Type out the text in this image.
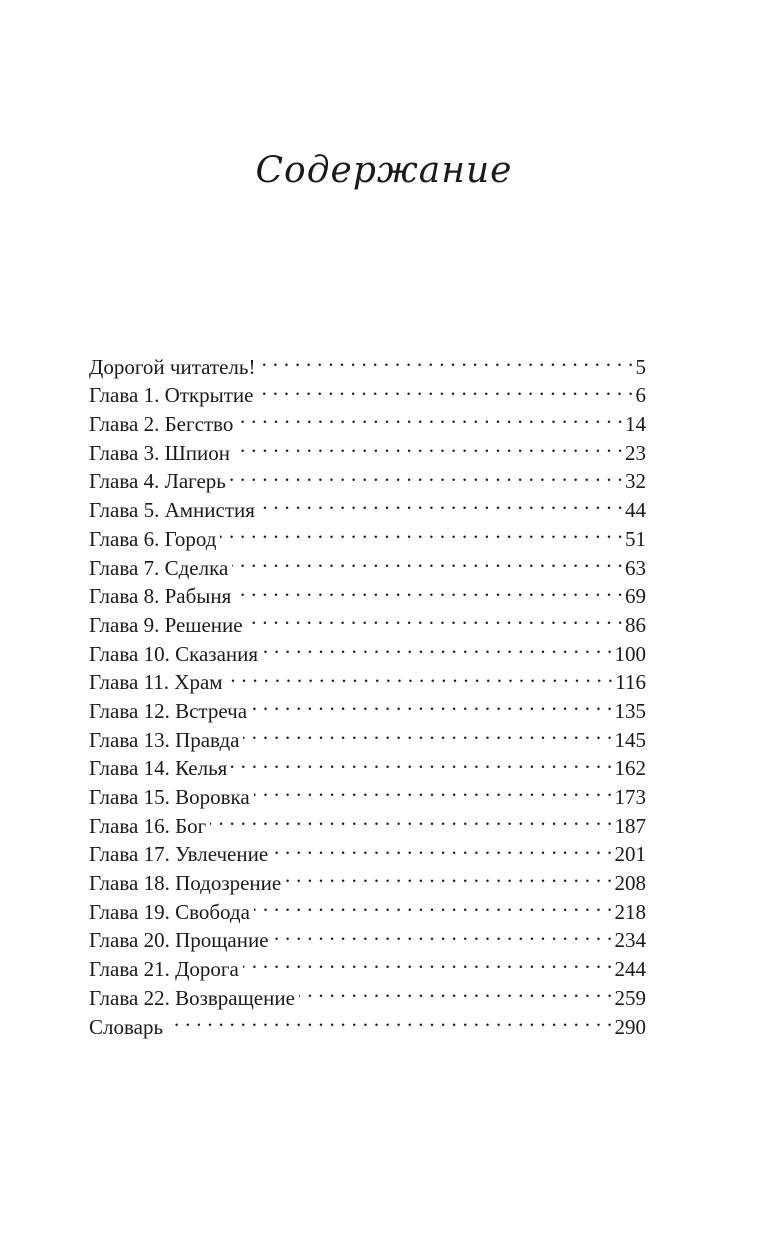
Содержание
Дорогой читатель! . . .	5
Глава 1. Открытие . . .	6
Глава 2. Бегство . . .	14
Глава 3. Шпион . . .	23
Глава 4. Лагерь . . .	32
Глава 5. Амнистия . . .	44
Глава 6. Город . . .	51
Глава 7. Сделка . . .	63
Глава 8. Рабыня . . .	69
Глава 9. Решение . . .	86
Глава 10. Сказания . . .	100
Глава 11. Храм . . .	116
Глава 12. Встреча . . .	135
Глава 13. Правда . . .	145
Глава 14. Келья . . .	162
Глава 15. Воровка . . .	173
Глава 16. Бог . . .	187
Глава 17. Увлечение . . .	201
Глава 18. Подозрение . . .	208
Глава 19. Свобода . . .	218
Глава 20. Прощание . . .	234
Глава 21. Дорога . . .	244
Глава 22. Возвращение . . .	259
Словарь . . .	290
